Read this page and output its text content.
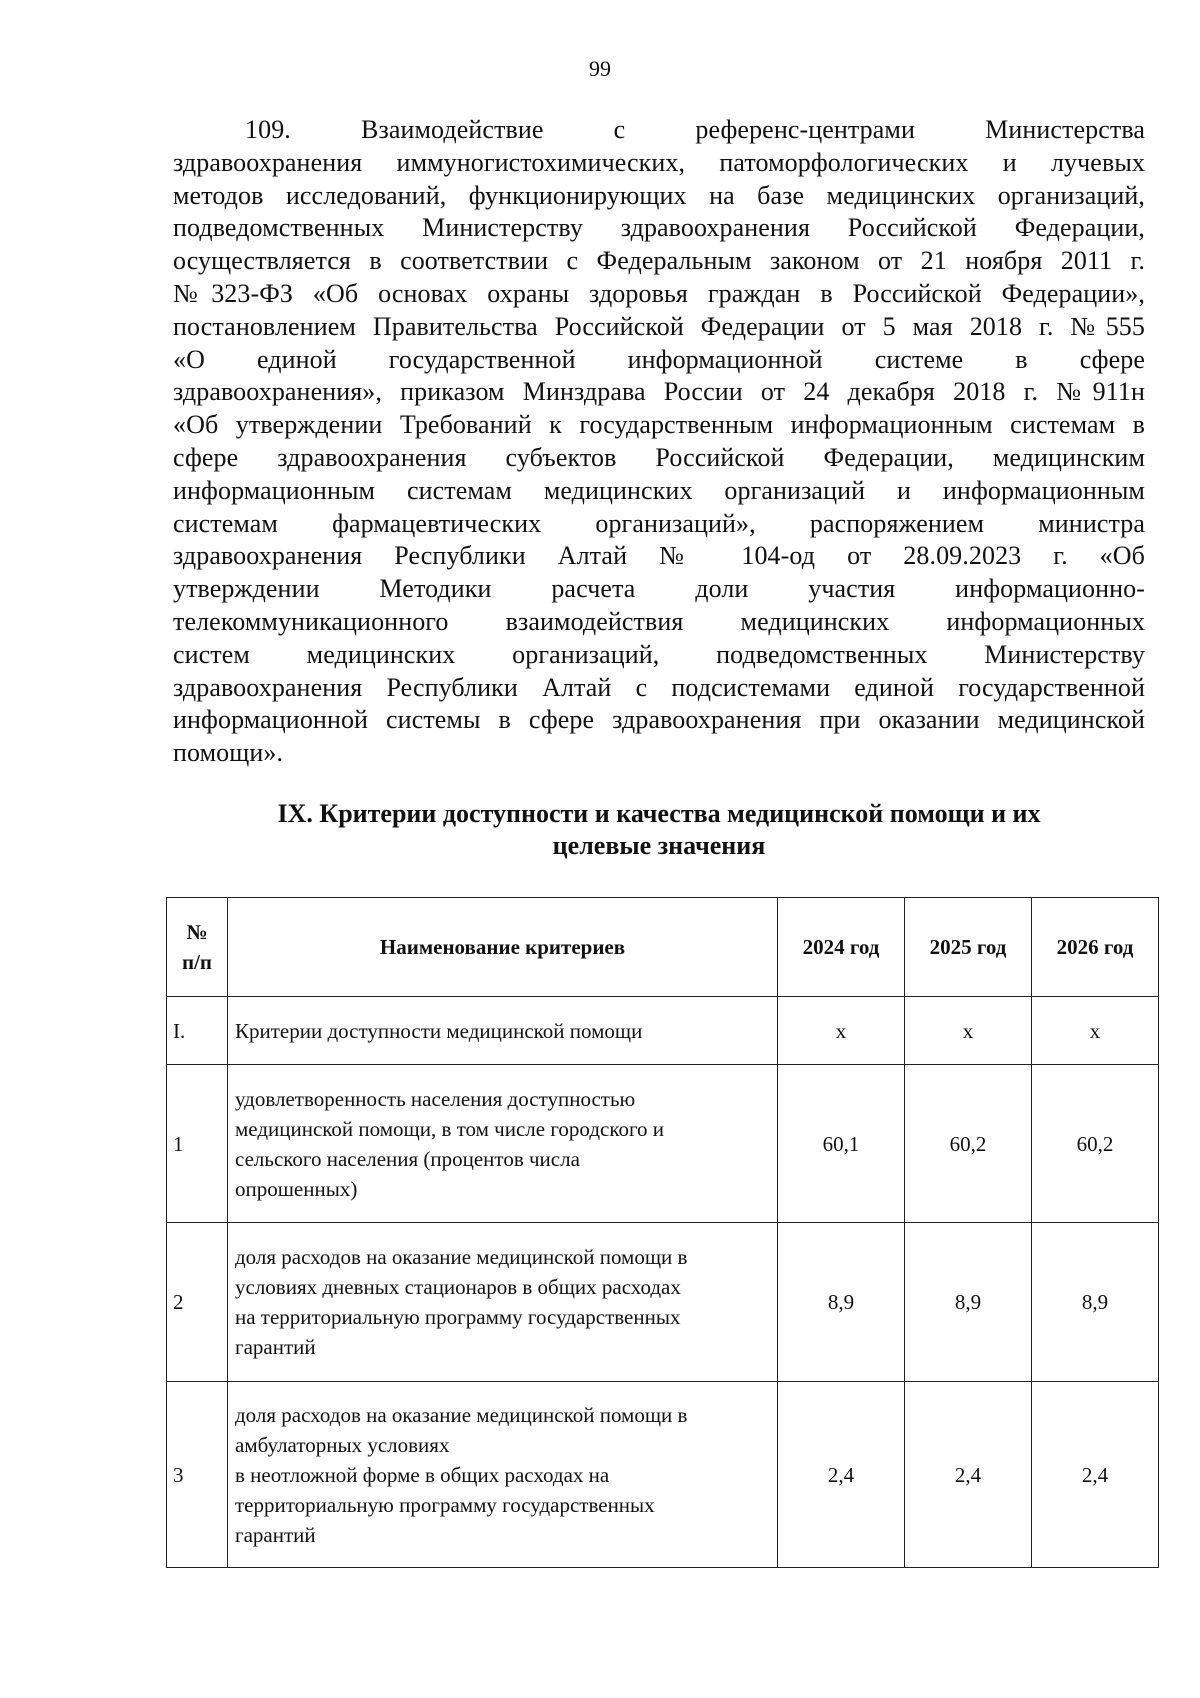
99
109. Взаимодействие с референс-центрами Министерства
здравоохранения иммуногистохимических, патоморфологических и лучевых
методов исследований, функционирующих на базе медицинских организаций,
подведомственных Министерству здравоохранения Российской Федерации,
осуществляется в соответствии с Федеральным законом от 21 ноября 2011 г.
№323-ФЗ «Об основах охраны здоровья граждан в Российской Федерации»,
постановлением Правительства Российской Федерации от 5 мая 2018 г. №555
«О единой государственной информационной системе в сфере
здравоохранения», приказом Минздрава России от 24 декабря 2018 г. №911н
«Об утверждении Требований к государственным информационным системам в
сфере здравоохранения субъектов Российской Федерации, медицинским
информационным системам медицинских организаций и информационным
системам фармацевтических организаций», распоряжением министра
здравоохранения Республики Алтай № 104-од от 28.09.2023 г. «Об
утверждении Методики расчета доли участия информационно-
телекоммуникационного взаимодействия медицинских информационных
систем медицинских организаций, подведомственных Министерству
здравоохранения Республики Алтай с подсистемами единой государственной
информационной системы в сфере здравоохранения при оказании медицинской
помощи».
IX. Критерии доступности и качества медицинской помощи и их
целевые значения
№
п/п	Наименование критериев	2024 год	2025 год	2026 год
I.	Критерии доступности медицинской помощи	х	х	х
1	удовлетворенность населения доступностью
медицинской помощи, в том числе городского и
сельского населения (процентов числа
опрошенных)	60,1	60,2	60,2
2	доля расходов на оказание медицинской помощи в
условиях дневных стационаров в общих расходах
на территориальную программу государственных
гарантий	8,9	8,9	8,9
3	доля расходов на оказание медицинской помощи в
амбулаторных условиях
в неотложной форме в общих расходах на
территориальную программу государственных
гарантий	2,4	2,4	2,4
